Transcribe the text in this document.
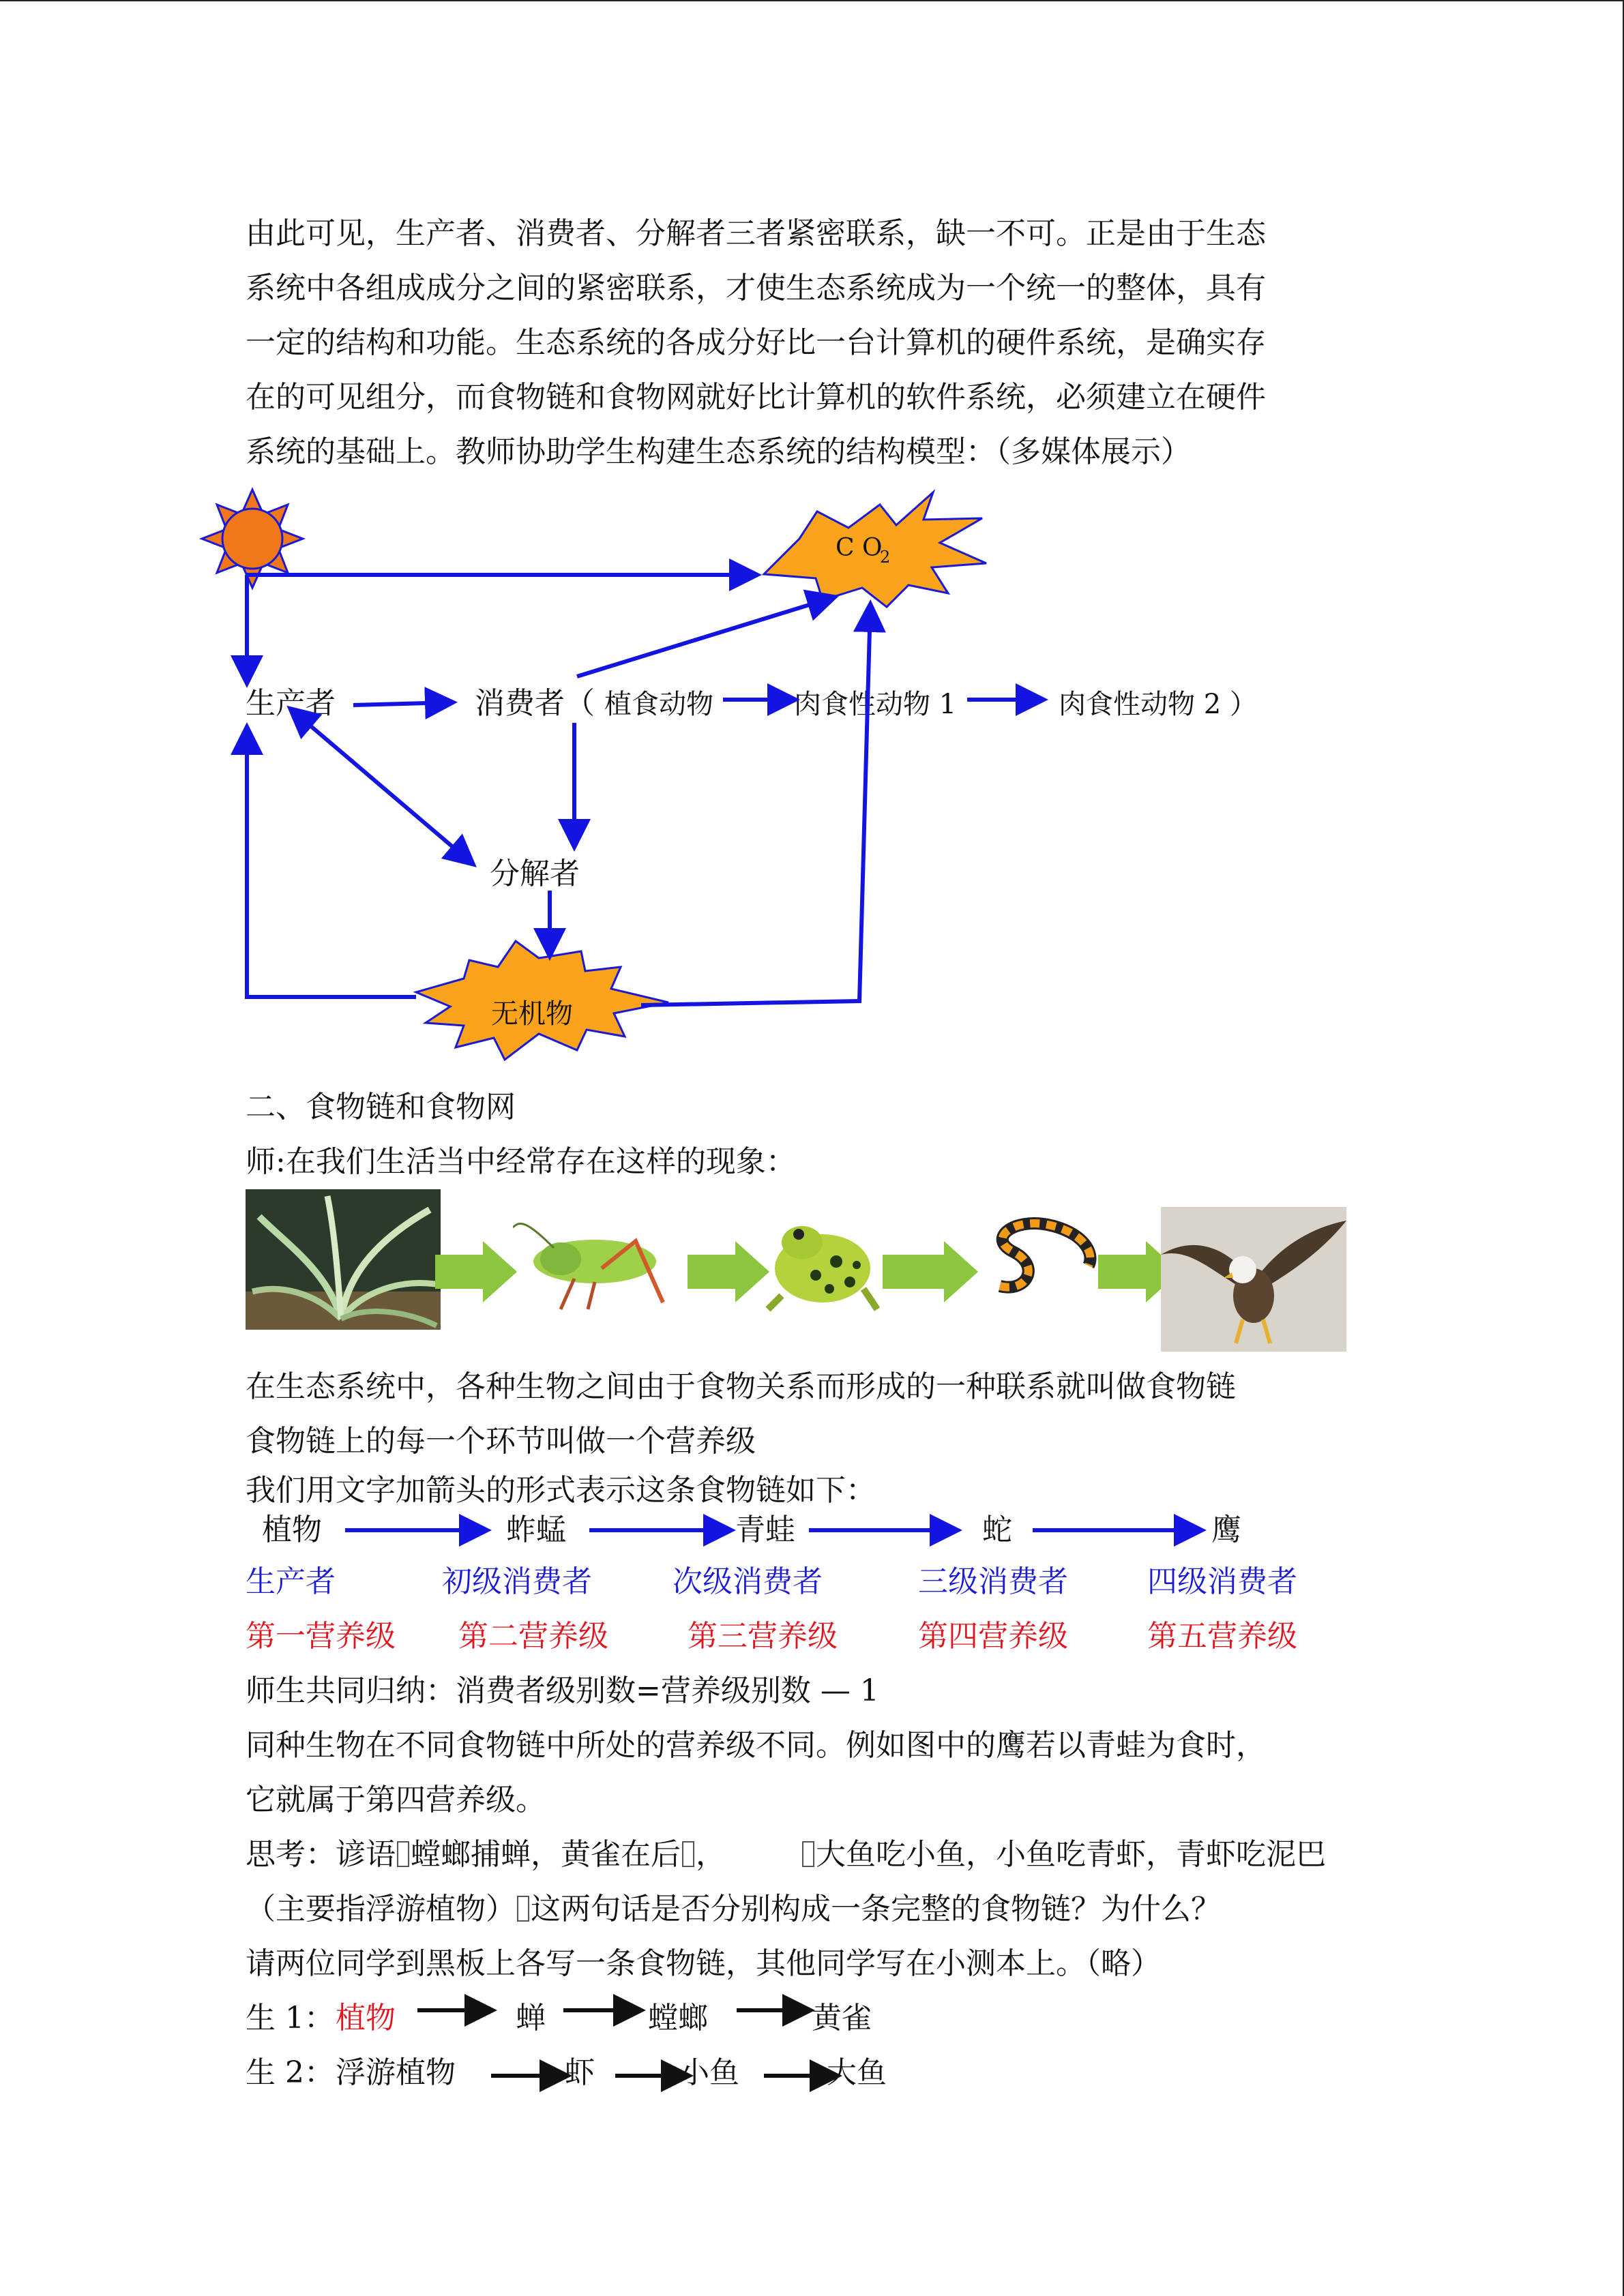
由此可见，生产者、消费者、分解者三者紧密联系，缺一不可。正是由于生态
系统中各组成成分之间的紧密联系，才使生态系统成为一个统一的整体，具有
一定的结构和功能。生态系统的各成分好比一台计算机的硬件系统，是确实存
在的可见组分，而食物链和食物网就好比计算机的软件系统，必须建立在硬件
系统的基础上。教师协助学生构建生态系统的结构模型：（多媒体展示）
C O
2
无机物
生产者	消费者（ 植食动物	肉食性动物 1	肉食性动物 2 ）
分解者
二、食物链和食物网
师:在我们生活当中经常存在这样的现象：
在生态系统中，各种生物之间由于食物关系而形成的一种联系就叫做食物链
食物链上的每一个环节叫做一个营养级
我们用文字加箭头的形式表示这条食物链如下：
植物	蚱蜢	青蛙	蛇	鹰
生产者	初级消费者	次级消费者	三级消费者	四级消费者
第一营养级 第二营养级	第三营养级	第四营养级	第五营养级
师生共同归纳：消费者级别数=营养级别数 — 1
同种生物在不同食物链中所处的营养级不同。例如图中的鹰若以青蛙为食时，
它就属于第四营养级。
思考：谚语 螳螂捕蝉，黄雀在后 ，	大鱼吃小鱼，小鱼吃青虾，青虾吃泥巴
（主要指浮游植物） 这两句话是否分别构成一条完整的食物链？为什么？
请两位同学到黑板上各写一条食物链，其他同学写在小测本上。（略）
生 1： 植物	蝉	螳螂	黄雀
生 2： 浮游植物	虾	小鱼	大鱼
